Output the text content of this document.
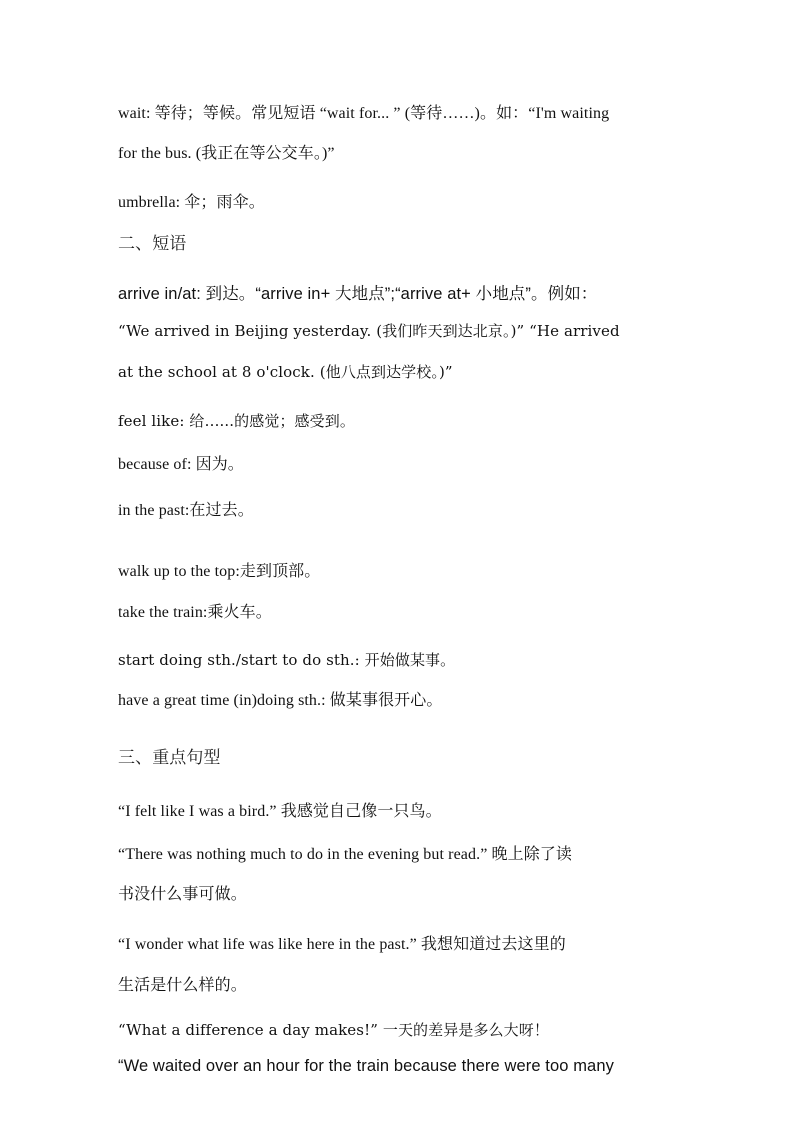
wait: 等待；等候。常见短语 “wait for... ” (等待……)。如：“I'm waiting
for the bus. (我正在等公交车。)”
umbrella: 伞；雨伞。
二、短语
arrive in/at: 到达。“arrive in+ 大地点”;“arrive at+ 小地点”。例如：
“We arrived in Beijing yesterday. (我们昨天到达北京。)” “He arrived
at the school at 8 o'clock. (他八点到达学校。)”
feel like: 给…...的感觉；感受到。
because of: 因为。
in the past:在过去。
walk up to the top:走到顶部。
take the train:乘火车。
start doing sth./start to do sth.: 开始做某事。
have a great time (in)doing sth.: 做某事很开心。
三、重点句型
“I felt like I was a bird.” 我感觉自己像一只鸟。
“There was nothing much to do in the evening but read.” 晚上除了读
书没什么事可做。
“I wonder what life was like here in the past.” 我想知道过去这里的
生活是什么样的。
“What a difference a day makes!” 一天的差异是多么大呀！
“We waited over an hour for the train because there were too many
